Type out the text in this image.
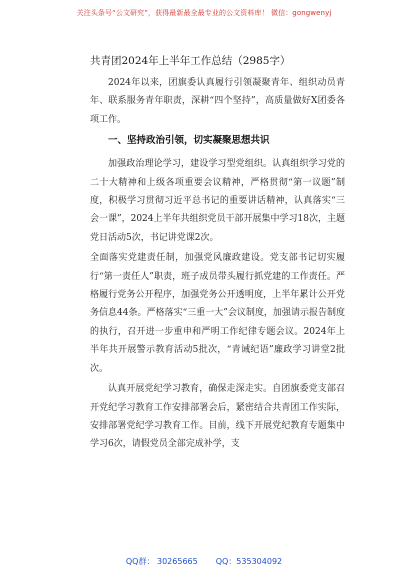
关注头条号“公文研究”，获得最新最全最专业的公文资料库！ 微信：gongwenyj
共青团2024年上半年工作总结（2985字）

2024年以来，团旗委认真履行引领凝聚青年、组织动员青年、联系服务青年职责，深耕“四个坚持”，高质量做好X团委各项工作。

一、坚持政治引领，切实凝聚思想共识

加强政治理论学习，建设学习型党组织。认真组织学习党的二十大精神和上级各项重要会议精神，严格贯彻“第一议题”制度，积极学习贯彻习近平总书记的重要讲话精神，认真落实“三会一课”，2024上半年共组织党员干部开展集中学习18次，主题党日活动5次，书记讲党课2次。

全面落实党建责任制，加强党风廉政建设。党支部书记切实履行“第一责任人”职责，班子成员带头履行抓党建的工作责任。严格履行党务公开程序，加强党务公开透明度，上半年累计公开党务信息44条。严格落实“三重一大”会议制度，加强请示报告制度的执行，召开进一步重申和严明工作纪律专题会议。2024年上半年共开展警示教育活动5批次，“青诫纪语”廉政学习讲堂2批次。

认真开展党纪学习教育，确保走深走实。自团旗委党支部召开党纪学习教育工作安排部署会后，紧密结合共青团工作实际，安排部署党纪学习教育工作。目前，线下开展党纪教育专题集中学习6次，请假党员全部完成补学，支

QQ群： 30265665 QQ：535304092
